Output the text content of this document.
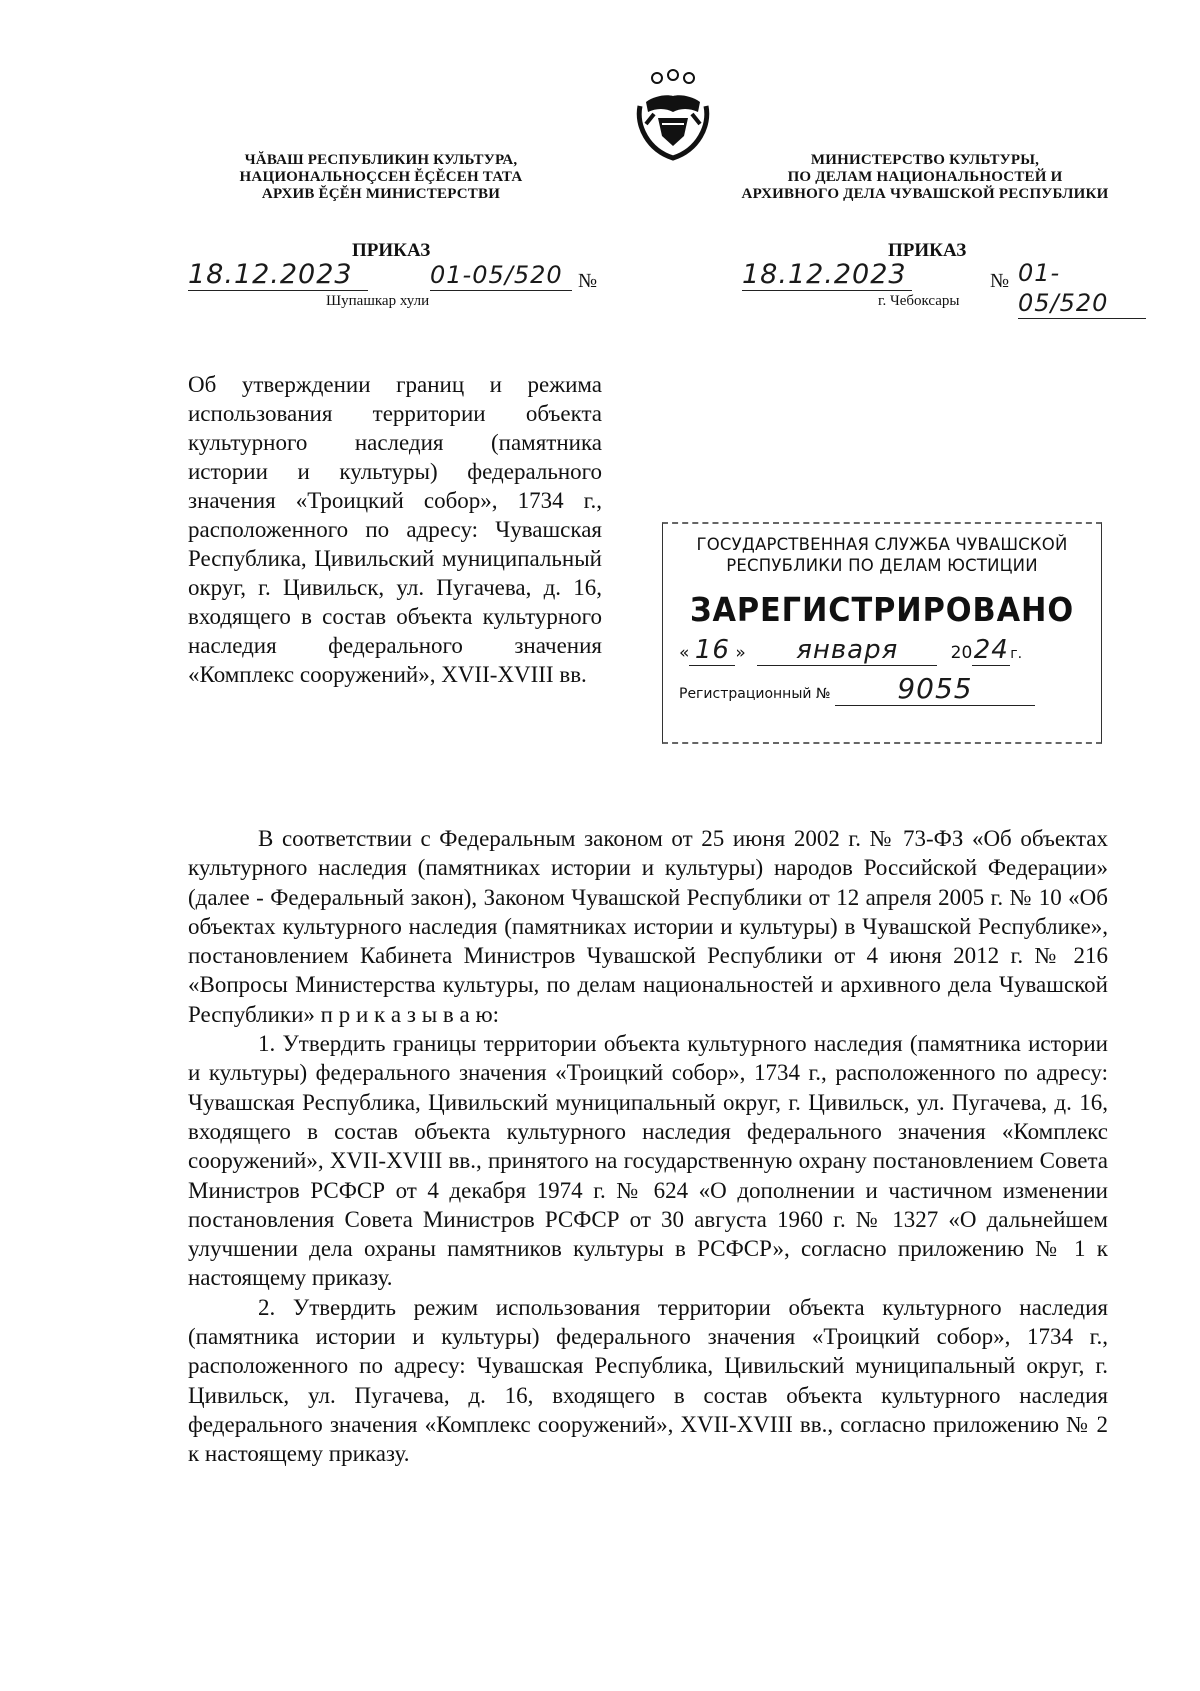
ЧĂВАШ РЕСПУБЛИКИН КУЛЬТУРА,
НАЦИОНАЛЬНОÇСЕН ĔÇĔСЕН ТАТА
АРХИВ ĔÇĔН МИНИСТЕРСТВИ
ПРИКАЗ
18.12.2023	01-05/520 №
Шупашкар хули
МИНИСТЕРСТВО КУЛЬТУРЫ,
ПО ДЕЛАМ НАЦИОНАЛЬНОСТЕЙ И
АРХИВНОГО ДЕЛА ЧУВАШСКОЙ РЕСПУБЛИКИ
ПРИКАЗ
18.12.2023	№ 01-05/520
г. Чебоксары
Об утверждении границ и режима использования территории объекта культурного наследия (памятника истории и культуры) федерального значения «Троицкий собор», 1734 г., расположенного по адресу: Чувашская Республика, Цивильский муниципальный округ, г. Цивильск, ул. Пугачева, д. 16, входящего в состав объекта культурного наследия федерального значения «Комплекс сооружений», XVII-XVIII вв.
ГОСУДАРСТВЕННАЯ СЛУЖБА ЧУВАШСКОЙ
РЕСПУБЛИКИ ПО ДЕЛАМ ЮСТИЦИИ
ЗАРЕГИСТРИРОВАНО
« 16 » января	2024г.
Регистрационный № 9055

В соответствии с Федеральным законом от 25 июня 2002 г. № 73-ФЗ «Об объектах культурного наследия (памятниках истории и культуры) народов Российской Федерации» (далее - Федеральный закон), Законом Чувашской Республики от 12 апреля 2005 г. № 10 «Об объектах культурного наследия (памятниках истории и культуры) в Чувашской Республике», постановлением Кабинета Министров Чувашской Республики от 4 июня 2012 г. № 216 «Вопросы Министерства культуры, по делам национальностей и архивного дела Чувашской Республики» п р и к а з ы в а ю:

1. Утвердить границы территории объекта культурного наследия (памятника истории и культуры) федерального значения «Троицкий собор», 1734 г., расположенного по адресу: Чувашская Республика, Цивильский муниципальный округ, г. Цивильск, ул. Пугачева, д. 16, входящего в состав объекта культурного наследия федерального значения «Комплекс сооружений», XVII-XVIII вв., принятого на государственную охрану постановлением Совета Министров РСФСР от 4 декабря 1974 г. № 624 «О дополнении и частичном изменении постановления Совета Министров РСФСР от 30 августа 1960 г. № 1327 «О дальнейшем улучшении дела охраны памятников культуры в РСФСР», согласно приложению № 1 к настоящему приказу.

2. Утвердить режим использования территории объекта культурного наследия (памятника истории и культуры) федерального значения «Троицкий собор», 1734 г., расположенного по адресу: Чувашская Республика, Цивильский муниципальный округ, г. Цивильск, ул. Пугачева, д. 16, входящего в состав объекта культурного наследия федерального значения «Комплекс сооружений», XVII-XVIII вв., согласно приложению № 2 к настоящему приказу.
